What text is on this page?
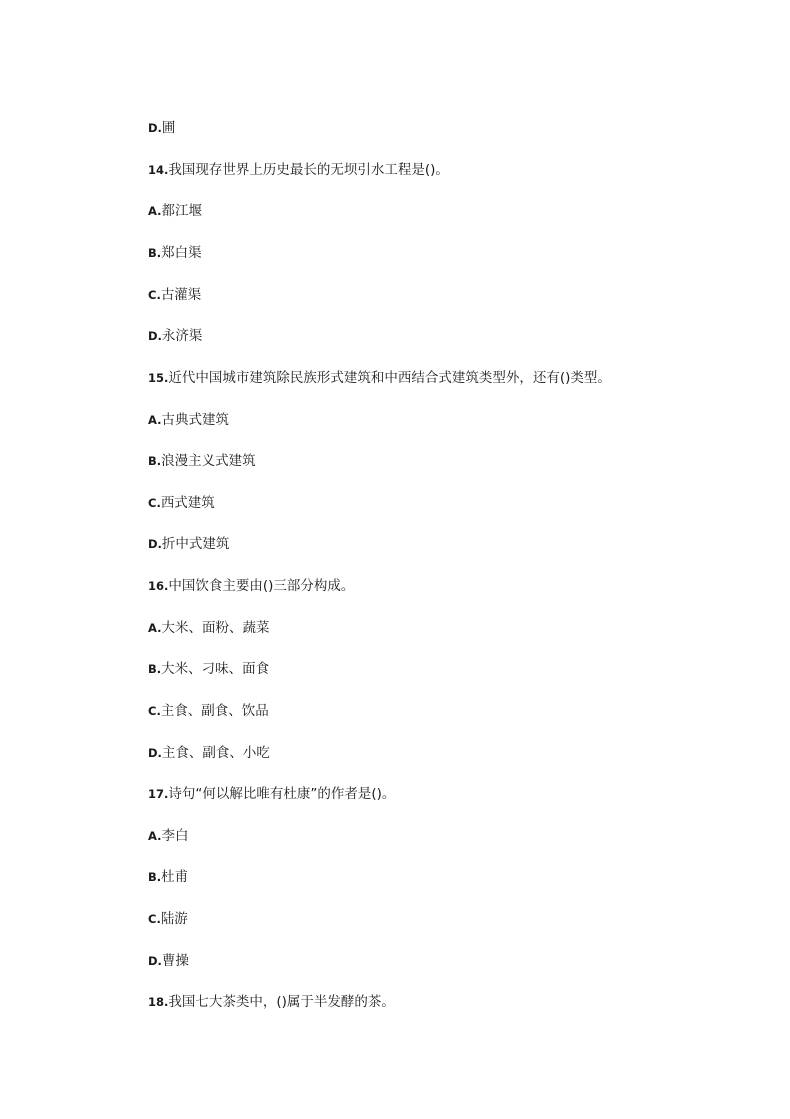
D.圃
14.我国现存世界上历史最长的无坝引水工程是()。
A.都江堰
B.郑白渠
C.古灌渠
D.永济渠
15.近代中国城市建筑除民族形式建筑和中西结合式建筑类型外，还有()类型。
A.古典式建筑
B.浪漫主义式建筑
C.西式建筑
D.折中式建筑
16.中国饮食主要由()三部分构成。
A.大米、面粉、蔬菜
B.大米、刁味、面食
C.主食、副食、饮品
D.主食、副食、小吃
17.诗句“何以解比唯有杜康”的作者是()。
A.李白
B.杜甫
C.陆游
D.曹操
18.我国七大茶类中，()属于半发酵的茶。
